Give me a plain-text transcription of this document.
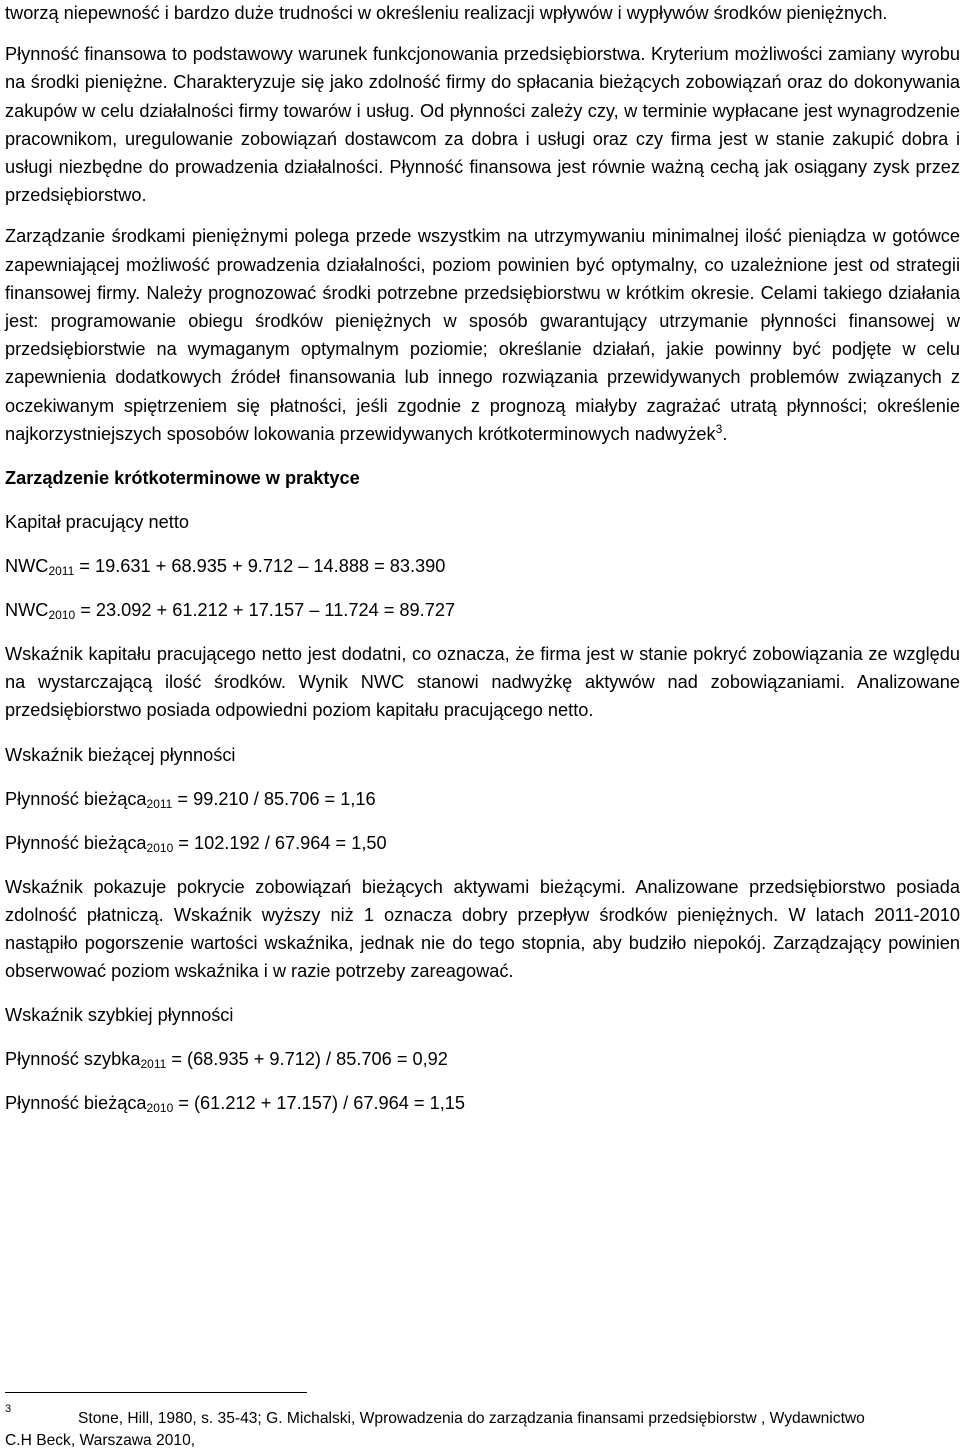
tworzą niepewność i bardzo duże trudności w określeniu realizacji wpływów i wypływów środków pieniężnych.

Płynność finansowa to podstawowy warunek funkcjonowania przedsiębiorstwa. Kryterium możliwości zamiany wyrobu na środki pieniężne. Charakteryzuje się jako zdolność firmy do spłacania bieżących zobowiązań oraz do dokonywania zakupów w celu działalności firmy towarów i usług. Od płynności zależy czy, w terminie wypłacane jest wynagrodzenie pracownikom, uregulowanie zobowiązań dostawcom za dobra i usługi oraz czy firma jest w stanie zakupić dobra i usługi niezbędne do prowadzenia działalności. Płynność finansowa jest równie ważną cechą jak osiągany zysk przez przedsiębiorstwo.

Zarządzanie środkami pieniężnymi polega przede wszystkim na utrzymywaniu minimalnej ilość pieniądza w gotówce zapewniającej możliwość prowadzenia działalności, poziom powinien być optymalny, co uzależnione jest od strategii finansowej firmy. Należy prognozować środki potrzebne przedsiębiorstwu w krótkim okresie. Celami takiego działania jest: programowanie obiegu środków pieniężnych w sposób gwarantujący utrzymanie płynności finansowej w przedsiębiorstwie na wymaganym optymalnym poziomie; określanie działań, jakie powinny być podjęte w celu zapewnienia dodatkowych źródeł finansowania lub innego rozwiązania przewidywanych problemów związanych z oczekiwanym spiętrzeniem się płatności, jeśli zgodnie z prognozą miałyby zagrażać utratą płynności; określenie najkorzystniejszych sposobów lokowania przewidywanych krótkoterminowych nadwyżek$^3$.

Zarządzenie krótkoterminowe w praktyce

Kapitał pracujący netto

$NWC_{2011} = 19.631 + 68.935 + 9.712 - 14.888 = 83.390$

$NWC_{2010} = 23.092 + 61.212 + 17.157 - 11.724 = 89.727$

Wskaźnik kapitału pracującego netto jest dodatni, co oznacza, że firma jest w stanie pokryć zobowiązania ze względu na wystarczającą ilość środków. Wynik NWC stanowi nadwyżkę aktywów nad zobowiązaniami. Analizowane przedsiębiorstwo posiada odpowiedni poziom kapitału pracującego netto.

Wskaźnik bieżącej płynności

Płynność bieżąca$_{2011}$ = 99.210 / 85.706 = 1,16

Płynność bieżąca$_{2010}$ = 102.192 / 67.964 = 1,50

Wskaźnik pokazuje pokrycie zobowiązań bieżących aktywami bieżącymi. Analizowane przedsiębiorstwo posiada zdolność płatniczą. Wskaźnik wyższy niż 1 oznacza dobry przepływ środków pieniężnych. W latach 2011-2010 nastąpiło pogorszenie wartości wskaźnika, jednak nie do tego stopnia, aby budziło niepokój. Zarządzający powinien obserwować poziom wskaźnika i w razie potrzeby zareagować.

Wskaźnik szybkiej płynności

Płynność szybka$_{2011}$ = (68.935 + 9.712) / 85.706 = 0,92

Płynność bieżąca$_{2010}$ = (61.212 + 17.157) / 67.964 = 1,15

3
Stone, Hill, 1980, s. 35-43; G. Michalski, Wprowadzenia do zarządzania finansami przedsiębiorstw , Wydawnictwo
C.H Beck, Warszawa 2010,
